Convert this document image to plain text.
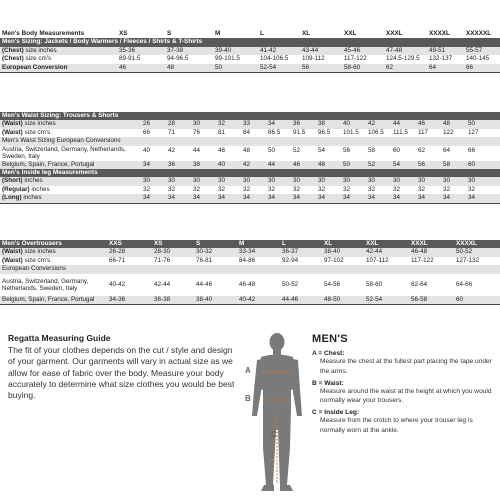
Men's Body Measurements	XS	S	M	L	XL	XXL	XXXL	XXXXL	XXXXXL
Men's Sizing: Jackets / Body Warmers / Fleeces / Shirts & T-Shirts									
(Chest) size inches	35-36	37-38	39-40	41-42	43-44	45-46	47-48	49-51	55-57
(Chest) size cm's	89-91.5	94-96.5	99-101.5	104-106.5	109-112	117-122	124.5-129.5	132-137	140-145
European Conversion	46	48	50	52-54	56	58-60	62	64	66
Men's Waist Sizing: Trousers & Shorts														
(Waist) size inches	26	28	30	32	33	34	36	38	40	42	44	46	48	50
(Waist) size cm's	66	71	76	81	84	86.5	91.5	96.5	101.5	106.5	111.5	117	122	127
Men's Waist Sizing European Conversions														
Austria, Switzerland, Germany, Netherlands, Sweden, Italy	40	42	44	46	48	50	52	54	56	58	60	62	64	66
Belgium, Spain, France, Portugal	34	36	38	40	42	44	46	48	50	52	54	56	58	60
Men's Inside leg Measurements														
(Short) inches	30	30	30	30	30	30	30	30	30	30	30	30	30	30
(Regular) inches	32	32	32	32	32	32	32	32	32	32	32	32	32	32
(Long) inches	34	34	34	34	34	34	34	34	34	34	34	34	34	34
Men's Overtrousers	XXS	XS	S	M	L	XL	XXL	XXXL	XXXXL
(Waist) size inches	26-28	28-30	30-32	33-34	36-37	38-40	42-44	46-48	50-52
(Waist) size cm's	66-71	71-76	76-81	84-86	92-94	97-102	107-112	117-122	127-132
European Conversions									
Austria, Switzerland, Germany, Netherlands, Sweden, Italy	40-42	42-44	44-46	46-48	50-52	54-56	58-60	62-64	64-66
Belgium, Spain, France, Portugal	34-36	36-38	38-40	40-42	44-46	48-50	52-54	56-58	60
Regatta Measuring Guide
The fit of your clothes depends on the cut / style and design of your garment. Our garments will vary in actual size as we allow for ease of fabric over the body. Measure your body accurately to determine what size clothes you would be best buying.
A
B
C
MEN'S
A = Chest:
Measure the chest at the fullest part placing the tape under the arms.
B = Waist:
Measure around the waist at the height at which you would normally wear your trousers.
C = Inside Leg:
Measure from the crotch to where your trouser leg is normally worn at the ankle.
